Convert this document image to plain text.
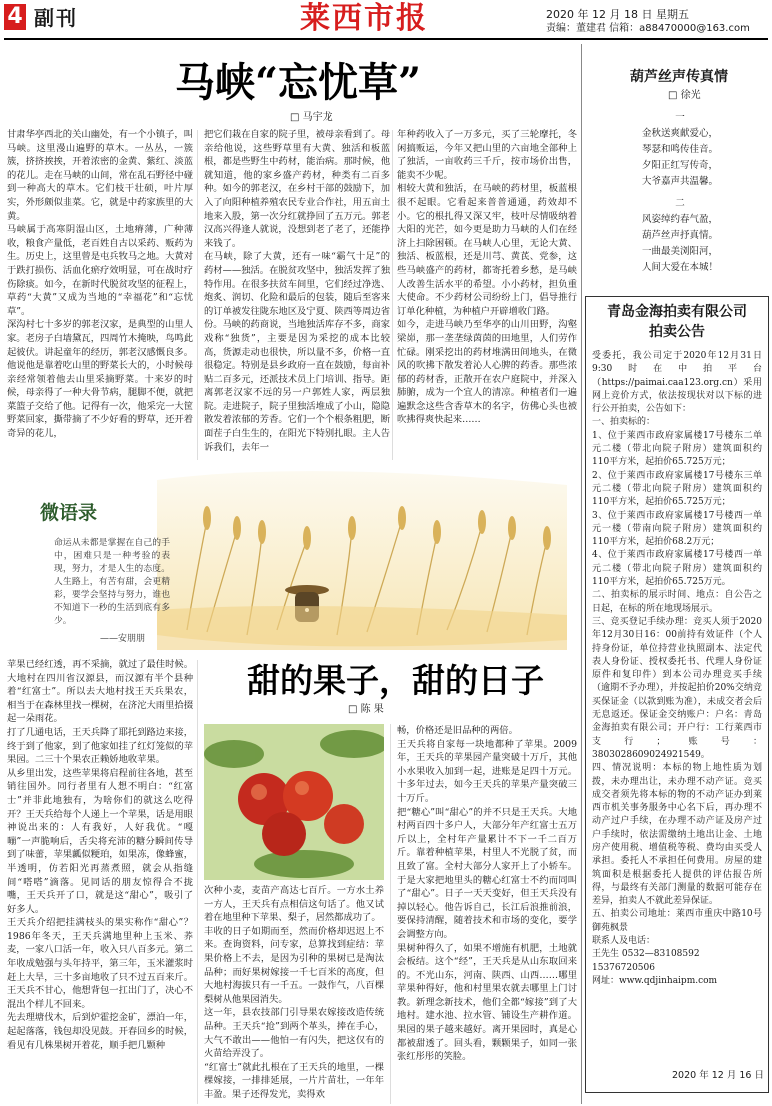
4 副刊	莱西市报	2020 年 12 月 18 日 星期五
责编：董建君 信箱：a88470000@163.com
马峡“忘忧草”
□ 马宇龙
甘肃华亭西北的关山幽处，有一个小镇子，叫马峡。这里漫山遍野的草木。一丛丛，一簇簇，挤挤挨挨，开着浓密的金黄、紫红、淡蓝的花儿。走在马峡的山间，常在乱石野径中碰到一种高大的草木。它们枝干壮硕，叶片厚实，外形颇似韭菜。它，就是中药家族里的大黄。
马峡属于高寒阴湿山区，土地瘠薄，广种薄收，粮食产量低，老百姓自古以采药、贩药为生。历史上，这里曾是屯兵牧马之地。大黄对于跌打损伤、活血化瘀疗效明显，可在战时疗伤除痰。如今，在新时代脱贫攻坚的征程上，草药“大黄”又成为当地的“幸福花”和“忘忧草”。
深沟村七十多岁的郭老汉家，是典型的山里人家。老房子白墙黛瓦，四周竹木掩映，鸟鸣此起彼伏。讲起童年的经历，郭老汉感慨良多。他说他是靠着吃山里的野菜长大的，小时候母亲经常领着他去山里采摘野菜。十来岁的时候，母亲得了一种大骨节病，腿脚不便，就把菜篮子交给了他。记得有一次，他采完一大筐野菜回家，撕带摘了不少好看的野草，还开着奇异的花儿，
把它们栽在自家的院子里，被母亲看到了。母亲给他说，这些野草里有大黄、独活和板蓝根，都是些野生中药材，能治病。那时候，他就知道，他的家乡盛产药材，种类有二百多种。如今的郭老汉，在乡村干部的鼓励下，加入了向阳种植养殖农民专业合作社，用五亩土地来入股，第一次分红就挣回了五万元。郭老汉高兴得逢人就说，没想到老了老了，还能挣来钱了。
在马峡，除了大黄，还有一味“霸气十足”的药材——独活。在脱贫攻坚中，独活发挥了独特作用。在很多扶贫车间里，它们经过净选、炮炙、润切、化险和最后的包装，随后至客来的订单被发往陇东地区及宁夏、陕西等周边省份。马峡的药商说，当地独活库存不多，商家戏称“独货”，主要是因为采挖的成本比较高，货源走动也很快，所以量不多，价格一直很稳定。特别是县乡政府一直在鼓励，每亩补贴二百多元，还派技术员上门培训、指导。距离郭老汉家不远的另一户郭姓人家，两层独院。走进院子，院子里独活堆成了小山，隐隐散发着浓郁的芳香。它们一个个根条粗肥，断面茬子白生生的，在阳光下特别扎眼。主人告诉我们，去年一
年种药收入了一万多元，买了三轮摩托，冬闲搞贩运，今年又把山里的六亩地全部种上了独活，一亩收药三千斤，按市场价出售，能卖不少呢。
相较大黄和独活，在马峡的药材里，板蓝根很不起眼。它看起来普普通通，药效却不小。它的根扎得又深又牢，枝叶尽情吸纳着大阳的光芒，如今更是助力马峡的人们在经济上扫除困顿。在马峡人心里，无论大黄、独活、板蓝根，还是川芎、黄芪、党参，这些马峡盛产的药材，都寄托着乡愁，是马峡人改善生活水平的希望。小小药材，担负重大使命。不少药材公司纷纷上门，倡导推行订单化种植，为种植户开辟增收门路。
如今，走进马峡乃至华亭的山川田野，沟壑梁峁，那一垄垄绿茵茵的田地里，人们劳作忙碌。刚采挖出的药材堆满田间地头，在微风的吹拂下散发着沁人心脾的药香。那些浓郁的药材香，正散开在农户庭院中，并深入肺腑，成为一个宜人的清凉。种植者们一遍遍默念这些含香草木的名字，仿佛心头也被吹拂得爽快起来……
微语录
命运从未都是掌握在自己的手中，困难只是一种考验的表现，努力，才是人生的态度。人生路上，有苦有甜，会更精彩，要学会坚持与努力，谁也不知道下一秒的生活到底有多少。
——安朋朋
甜的果子，甜的日子
□ 陈 果
苹果已经红透，再不采摘，就过了最佳时候。大地村在四川省汉源县，而汉源有半个县种着“红富士”。所以去大地村找王天兵果农，相当于在森林里找一棵树，在济沱大雨里拾掇起一朵雨花。
打了几通电话，王天兵降了耶托到路边来接，终于到了他家，到了他家如挂了红灯笼似的苹果园。二三十个果农正赖娇地收苹果。
从乡里出发，这些苹果将启程前往各地，甚至销往国外。同行者里有人想不明白：“红富士”并非此地独有，为啥你们的就这么吃得开？王天兵给每个人递上一个苹果，话是用眼神说出来的：人有我好，人好我优。“嘎嘣”一声脆响后，舌尖将充沛的糖分瞬间传导到了味蕾，苹果瓤似粳珀，如果冻，像蜂蜜，半透明，仿若阳光再蒸煮照，就会从指缝间“嗒嗒”滴落。见同话的朋友惊得合不拢嘴，王天兵开了口，就是这“甜心”，吸引了好多人。
王天兵介绍把挂满枝头的果实称作“甜心”？1986年冬天，王天兵满地里种上玉米、荞麦，一家八口活一年，收入只八百多元。第二年收成勉强与头年持平，第三年，玉米灌浆时赶上大旱，三十多亩地收了只不过五百来斤。王天兵不甘心，他想背包一扛出门了，决心不混出个样儿不回来。
先去理塘伐木，后到炉霍挖金矿，漂泊一年，起起落落，钱包却没见鼓。开春回乡的时候，看见有几株果树开着花，顺手把几颗种
次种小麦，麦苗产高达七百斤。一方水土养一方人，王天兵有点相信这句话了。他又试着在地里种下苹果、梨子，居然都成功了。
丰收的日子如期而至，然而价格却迟迟上不来。查询资料，问专家，总算找到症结：苹果价格上不去，是因为引种的果树已是淘汰品种；而好果树嫁接一千七百米的高度，但大地村海拔只有一千五。一鼓作气，八百棵梨树从他果园消失。
这一年，县农技部门引导果农嫁接改造传统品种。王天兵“抢”到两个革头，捧在手心，大气不敢出——他怕一有闪失，把这仅有的火苗给弄没了。
“红富士”就此扎根在了王天兵的地里，一棵棵嫁接，一排排延展，一片片苗壮，一年年丰盈。果子还得发光，卖得欢
畅，价格还是旧品种的两倍。
王天兵将自家每一块地都种了苹果。2009年，王天兵的苹果园产量突破十万斤，其他小水果收入加到一起，进账是足四十万元。十多年过去，如今王天兵的苹果产量突破三十万斤。
把“糖心”叫“甜心”的并不只是王天兵。大地村两百四十多户人，大部分年产红富士五万斤以上，全村年产量累计不下一千二百万斤。靠着种植苹果，村里人不光脱了贫，而且致了富。全村大部分人家开上了小轿车。于是大家把地里头的糖心红富士不约而同叫了“甜心”。日子一天天变好，但王天兵没有掉以轻心。他告诉自己，长江后浪推前浪，要保持清醒，随着技术和市场的变化，要学会调整方向。
果树种得久了，如果不增施有机肥，土地就会板结。这个“经”，王天兵是从山东取回来的。不光山东，河南、陕西、山西……哪里苹果种得好，他和村里果农就去哪里上门讨教。新理念新技术，他们全都“嫁接”到了大地村。建水池、拉水管、铺设生产耕作道。果园的果子越来越好。离开果园时，真是心都被甜透了。回头看，颗颗果子，如同一张张红彤彤的笑脸。
葫芦丝声传真情
□ 徐光
一
金秋送爽献爱心，
琴瑟和鸣传佳音。
夕阳正红写传奇，
大爷嘉声共温馨。
二
风姿绰约春气盈，
葫芦丝声抒真情。
一曲最美浏阳河，
人间大爱在本城！
青岛金海拍卖有限公司
拍卖公告
受委托，我公司定于2020年12月31日9:30时在中拍平台（https://paimai.caa123.org.cn）采用网上竞价方式，依法按现状对以下标的进行公开拍卖，公告如下：
一、拍卖标的：
1、位于莱西市政府家属楼17号楼东二单元二楼（带北向院子附房）建筑面积约110平方米，起拍价65.725万元；
2、位于莱西市政府家属楼17号楼东三单元二楼（带北向院子附房）建筑面积约110平方米，起拍价65.725万元；
3、位于莱西市政府家属楼17号楼西一单元一楼（带南向院子附房）建筑面积约110平方米，起拍价68.2万元；
4、位于莱西市政府家属楼17号楼西一单元二楼（带北向院子附房）建筑面积约110平方米，起拍价65.725万元。
二、拍卖标的展示时间、地点：自公告之日起，在标的所在地现场展示。
三、竞买登记手续办理：竞买人须于2020年12月30日16：00前持有效证件（个人持身份证，单位持营业执照副本、法定代表人身份证、授权委托书、代理人身份证原件和复印件）到本公司办理竞买手续（逾期不予办理），并按起拍价20%交纳竞买保证金（以款到账为准），未成交者会后无息返还。保证金交纳账户：户名：青岛金海拍卖有限公司；开户行：工行莱西市支行；账号：3803028609024921549。
四、情况说明：本标的物上地性质为划拨，未办理出让，未办理不动产证。竞买成交者须先将本标的物的不动产证办到莱西市机关事务服务中心名下后，再办理不动产过户手续，在办理不动产证及房产过户手续时，依法需缴纳土地出让金、土地房产使用税、增值税等税、费均由买受人承担。委托人不承担任何费用。房屋的建筑面积是根据委托人提供的评估报告所得，与最终有关部门测量的数据可能存在差异，拍卖人不就此差异保证。
五、拍卖公司地址：莱西市重庆中路10号御苑枫景
联系人及电话：
王先生 0532—83108592
15376720506
网址：www.qdjinhaipm.com
2020 年 12 月 16 日
